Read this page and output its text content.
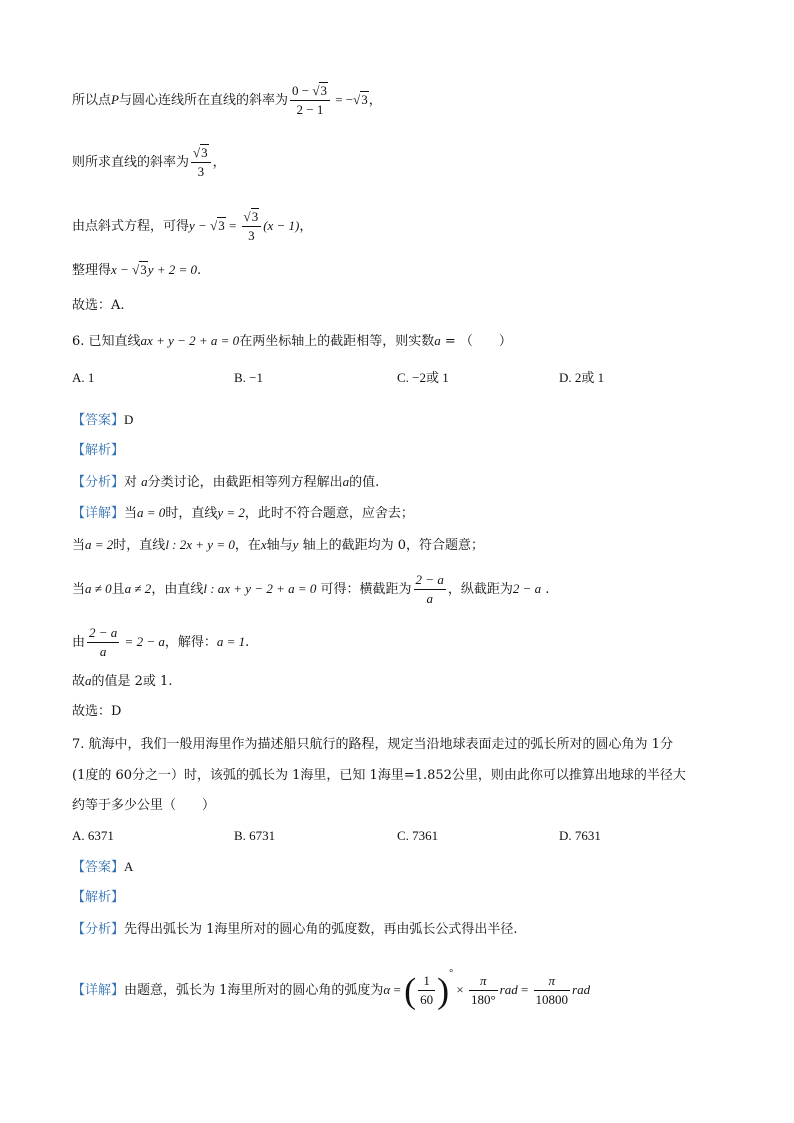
所以点P与圆心连线所在直线的斜率为 $\frac{0 - √3}{2 - 1} = -√3$，
则所求直线的斜率为 $\frac{√3}{3}$ ，
由点斜式方程，可得$y - √3 = \frac{√3}{3} (x - 1)$，
整理得x − √3y + 2 = 0.
故选：A.
6. 已知直线ax + y − 2 + a = 0在两坐标轴上的截距相等，则实数a = （　　）
A. 1	B. −1	C. −2或 1	D. 2或 1
【答案】D
【解析】
【分析】对 a分类讨论，由截距相等列方程解出a的值.
【详解】当a = 0时，直线y = 2，此时不符合题意，应舍去；
当a = 2时，直线l : 2x + y = 0，在x轴与y 轴上的截距均为 0，符合题意；
当a ≠ 0且a ≠ 2，由直线l : ax + y − 2 + a = 0 可得：横截距为 $\frac{2 - a}{a}$ ，纵截距为2 − a .
由 $\frac{2 - a}{a} = 2 - a$，解得：a = 1.
故a的值是 2或 1.
故选：D
7. 航海中，我们一般用海里作为描述船只航行的路程，规定当沿地球表面走过的弧长所对的圆心角为 1分
(1度的 60分之一）时，该弧的弧长为 1海里，已知 1海里=1.852公里，则由此你可以推算出地球的半径大
约等于多少公里（　　）
A. 6371	B. 6731	C. 7361	D. 7631
【答案】A
【解析】
【分析】先得出弧长为 1海里所对的圆心角的弧度数，再由弧长公式得出半径.
【详解】由题意，弧长为 1海里所对的圆心角的弧度为α = ( $\frac{1}{60} )^\circ \times \frac{\pi}{180^\circ}$ rad = $\frac{\pi}{10800}$ rad
